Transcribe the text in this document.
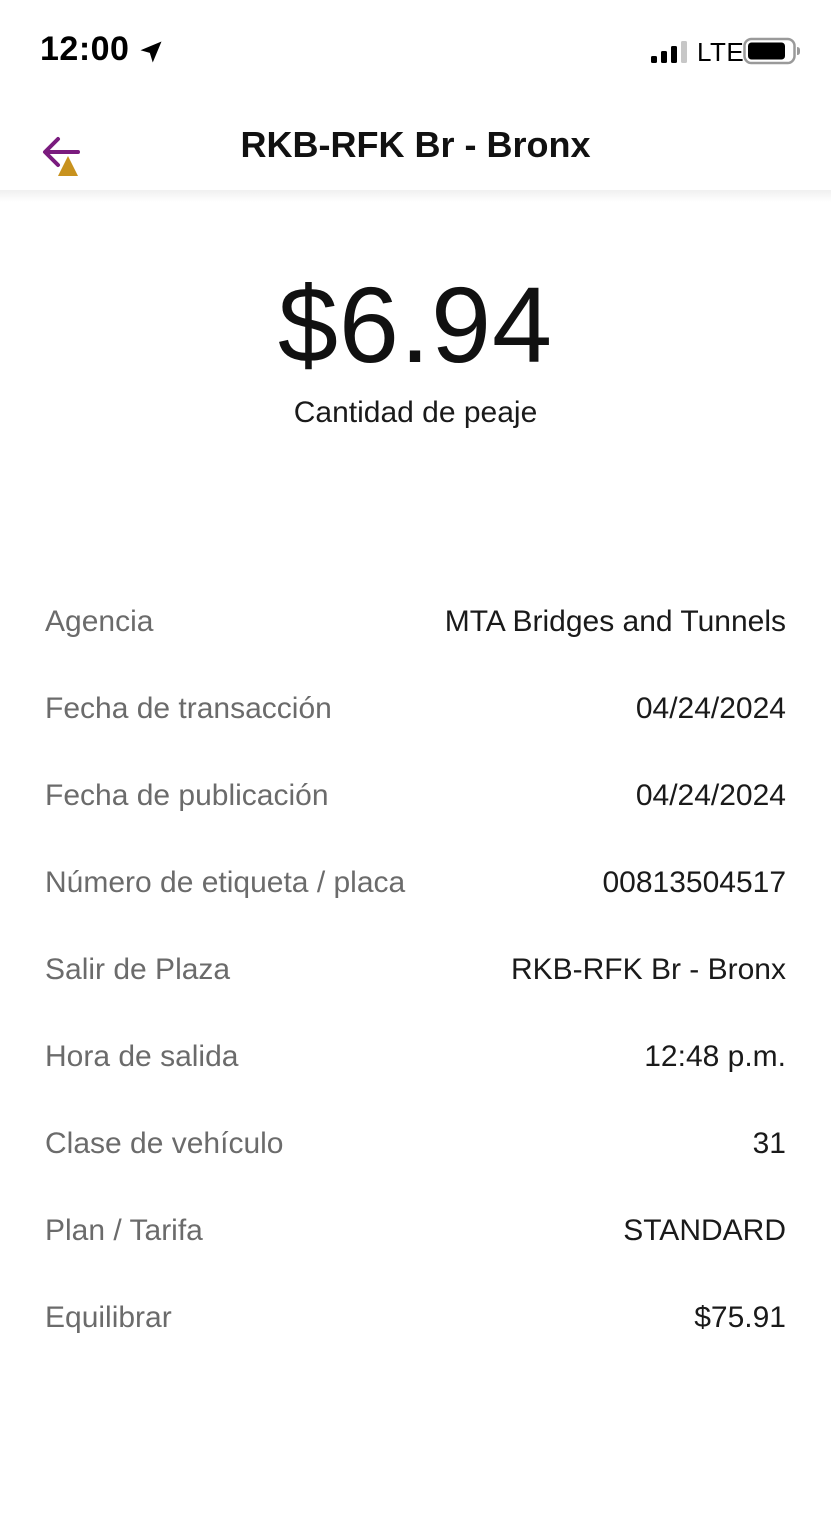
12:00	LTE
RKB-RFK Br - Bronx
$6.94
Cantidad de peaje
Agencia	MTA Bridges and Tunnels
Fecha de transacción	04/24/2024
Fecha de publicación	04/24/2024
Número de etiqueta / placa	00813504517
Salir de Plaza	RKB-RFK Br - Bronx
Hora de salida	12:48 p.m.
Clase de vehículo	31
Plan / Tarifa	STANDARD
Equilibrar	$75.91
